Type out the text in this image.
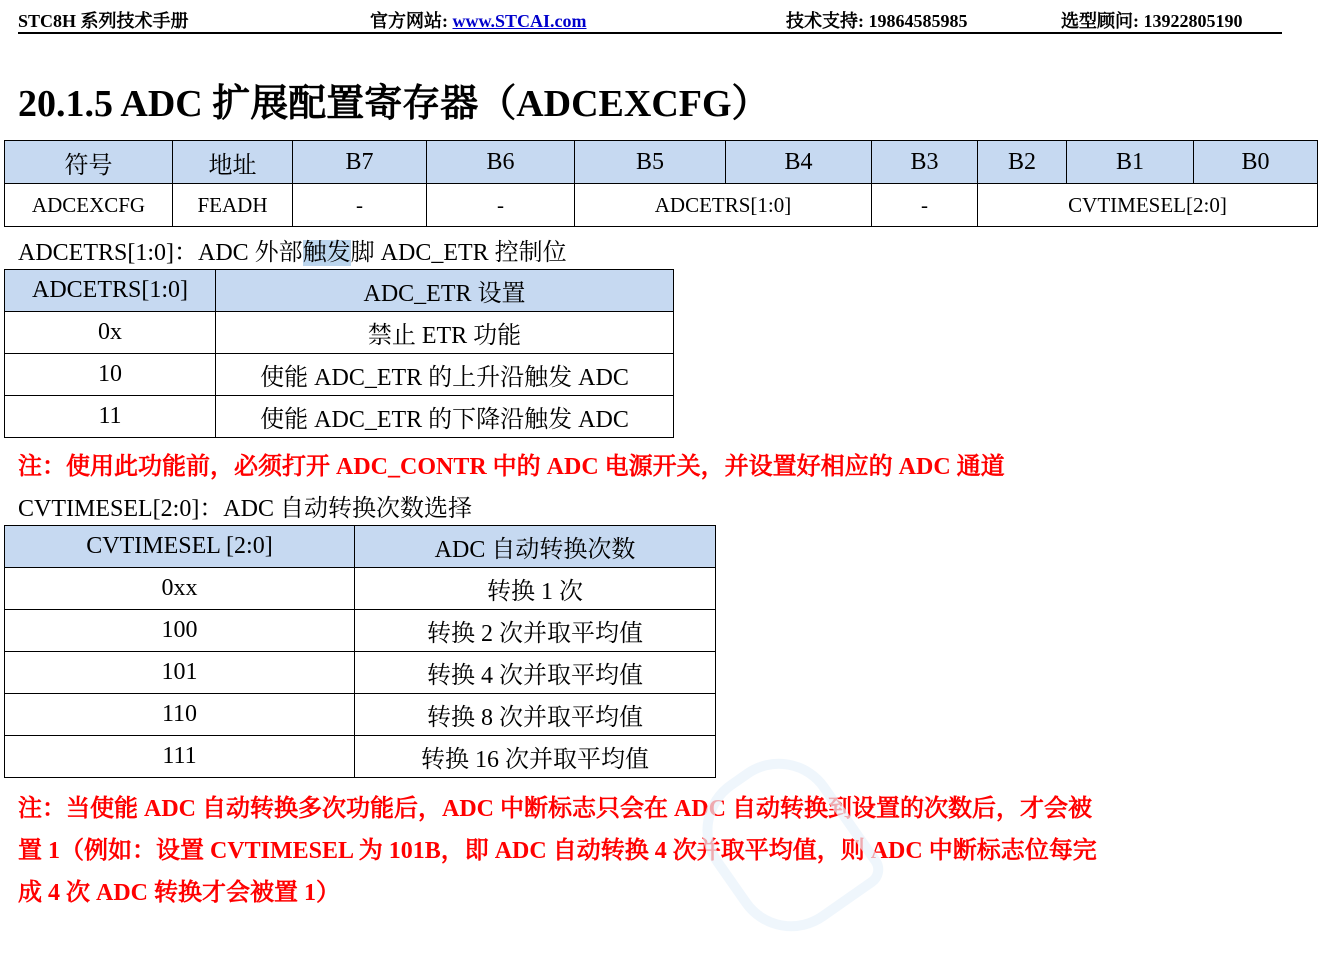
STC8H 系列技术手册	官方网站: www.STCAI.com	技术支持: 19864585985	选型顾问: 13922805190
20.1.5 ADC 扩展配置寄存器（ADCEXCFG）
符号	地址	B7	B6	B5	B4	B3	B2	B1	B0
ADCEXCFG	FEADH	-	-	ADCETRS[1:0]		-	CVTIMESEL[2:0]		
ADCETRS[1:0]：ADC 外部触发脚 ADC_ETR 控制位
ADCETRS[1:0]	ADC_ETR 设置
0x	禁止 ETR 功能
10	使能 ADC_ETR 的上升沿触发 ADC
11	使能 ADC_ETR 的下降沿触发 ADC
注：使用此功能前，必须打开 ADC_CONTR 中的 ADC 电源开关，并设置好相应的 ADC 通道
CVTIMESEL[2:0]：ADC 自动转换次数选择
CVTIMESEL [2:0]	ADC 自动转换次数
0xx	转换 1 次
100	转换 2 次并取平均值
101	转换 4 次并取平均值
110	转换 8 次并取平均值
111	转换 16 次并取平均值
注：当使能 ADC 自动转换多次功能后，ADC 中断标志只会在 ADC 自动转换到设置的次数后，才会被
置 1（例如：设置 CVTIMESEL 为 101B，即 ADC 自动转换 4 次并取平均值，则 ADC 中断标志位每完
成 4 次 ADC 转换才会被置 1）
